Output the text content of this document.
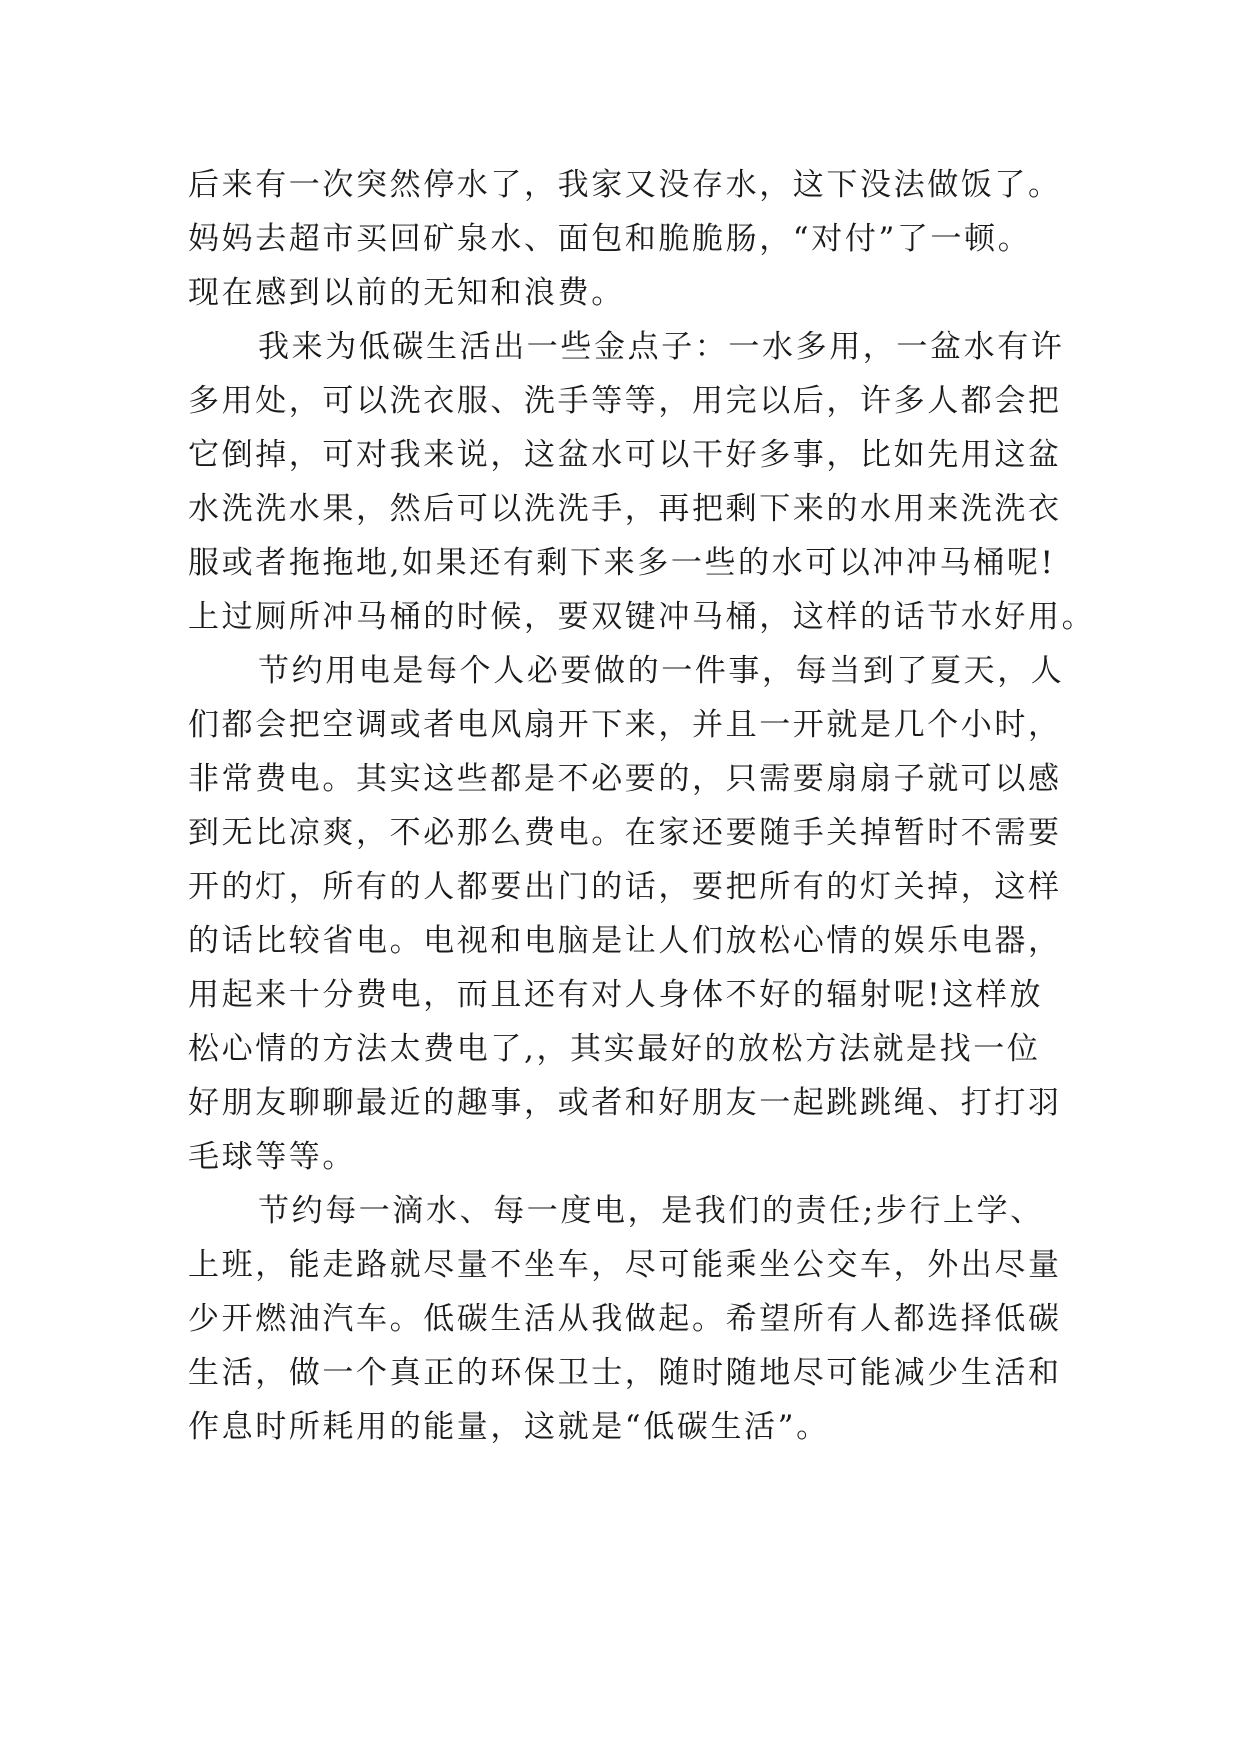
后来有一次突然停水了，我家又没存水，这下没法做饭了。
妈妈去超市买回矿泉水、面包和脆脆肠，“对付”了一顿。
现在感到以前的无知和浪费。
我来为低碳生活出一些金点子：一水多用，一盆水有许
多用处，可以洗衣服、洗手等等，用完以后，许多人都会把
它倒掉，可对我来说，这盆水可以干好多事，比如先用这盆
水洗洗水果，然后可以洗洗手，再把剩下来的水用来洗洗衣
服或者拖拖地,如果还有剩下来多一些的水可以冲冲马桶呢!
上过厕所冲马桶的时候，要双键冲马桶，这样的话节水好用。
节约用电是每个人必要做的一件事，每当到了夏天，人
们都会把空调或者电风扇开下来，并且一开就是几个小时，
非常费电。其实这些都是不必要的，只需要扇扇子就可以感
到无比凉爽，不必那么费电。在家还要随手关掉暂时不需要
开的灯，所有的人都要出门的话，要把所有的灯关掉，这样
的话比较省电。电视和电脑是让人们放松心情的娱乐电器，
用起来十分费电，而且还有对人身体不好的辐射呢!这样放
松心情的方法太费电了,，其实最好的放松方法就是找一位
好朋友聊聊最近的趣事，或者和好朋友一起跳跳绳、打打羽
毛球等等。
节约每一滴水、每一度电，是我们的责任;步行上学、
上班，能走路就尽量不坐车，尽可能乘坐公交车，外出尽量
少开燃油汽车。低碳生活从我做起。希望所有人都选择低碳
生活，做一个真正的环保卫士，随时随地尽可能减少生活和
作息时所耗用的能量，这就是“低碳生活”。
